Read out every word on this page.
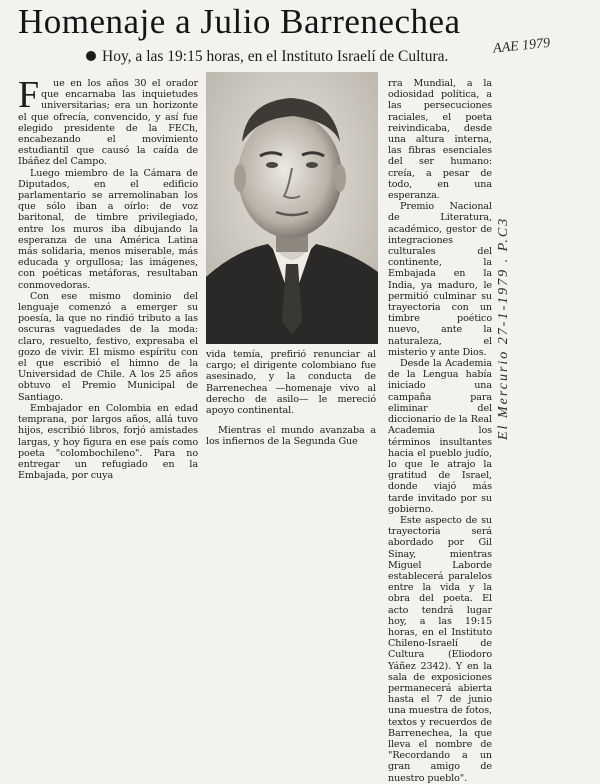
Homenaje a Julio Barrenechea
Hoy, a las 19:15 horas, en el Instituto Israelí de Cultura.	AAE 1979
El Mercurio 27-1-1979 . P.C3

F ue en los años 30 el orador que encarnaba las inquietudes universitarias; era un horizonte el que ofrecía, convencido, y así fue elegido presidente de la FECh, encabezando el movimiento estudiantil que causó la caída de Ibáñez del Campo.

Luego miembro de la Cámara de Diputados, en el edificio parlamentario se arremolinaban los que sólo iban a oírlo: de voz baritonal, de timbre privilegiado, entre los muros iba dibujando la esperanza de una América Latina más solidaria, menos miserable, más educada y orgullosa; las imágenes, con poéticas metáforas, resultaban conmovedoras.

Con ese mismo dominio del lenguaje comenzó a emerger su poesía, la que no rindió tributo a las oscuras vaguedades de la moda: claro, resuelto, festivo, expresaba el gozo de vivir. El mismo espíritu con el que escribió el himno de la Universidad de Chile. A los 25 años obtuvo el Premio Municipal de Santiago.

Embajador en Colombia en edad temprana, por largos años, allá tuvo hijos, escribió libros, forjó amistades largas, y hoy figura en ese país como poeta "colombochileno". Para no entregar un refugiado en la Embajada, por cuya

vida temía, prefirió renunciar al cargo; el dirigente colombiano fue asesinado, y la conducta de Barrenechea —homenaje vivo al derecho de asilo— le mereció apoyo continental.

Mientras el mundo avanzaba a los infiernos de la Segunda Gue

rra Mundial, a la odiosidad política, a las persecuciones raciales, el poeta reivindicaba, desde una altura interna, las fibras esenciales del ser humano: creía, a pesar de todo, en una esperanza.

Premio Nacional de Literatura, académico, gestor de integraciones culturales del continente, la Embajada en la India, ya maduro, le permitió culminar su trayectoria con un timbre poético nuevo, ante la naturaleza, el misterio y ante Dios.

Desde la Academia de la Lengua había iniciado una campaña para eliminar del diccionario de la Real Academia los términos insultantes hacia el pueblo judío, lo que le atrajo la gratitud de Israel, donde viajó más tarde invitado por su gobierno.

Este aspecto de su trayectoria será abordado por Gil Sinay, mientras Miguel Laborde establecerá paralelos entre la vida y la obra del poeta. El acto tendrá lugar hoy, a las 19:15 horas, en el Instituto Chileno-Israelí de Cultura (Eliodoro Yáñez 2342). Y en la sala de exposiciones permanecerá abierta hasta el 7 de junio una muestra de fotos, textos y recuerdos de Barrenechea, la que lleva el nombre de "Recordando a un gran amigo de nuestro pueblo".
